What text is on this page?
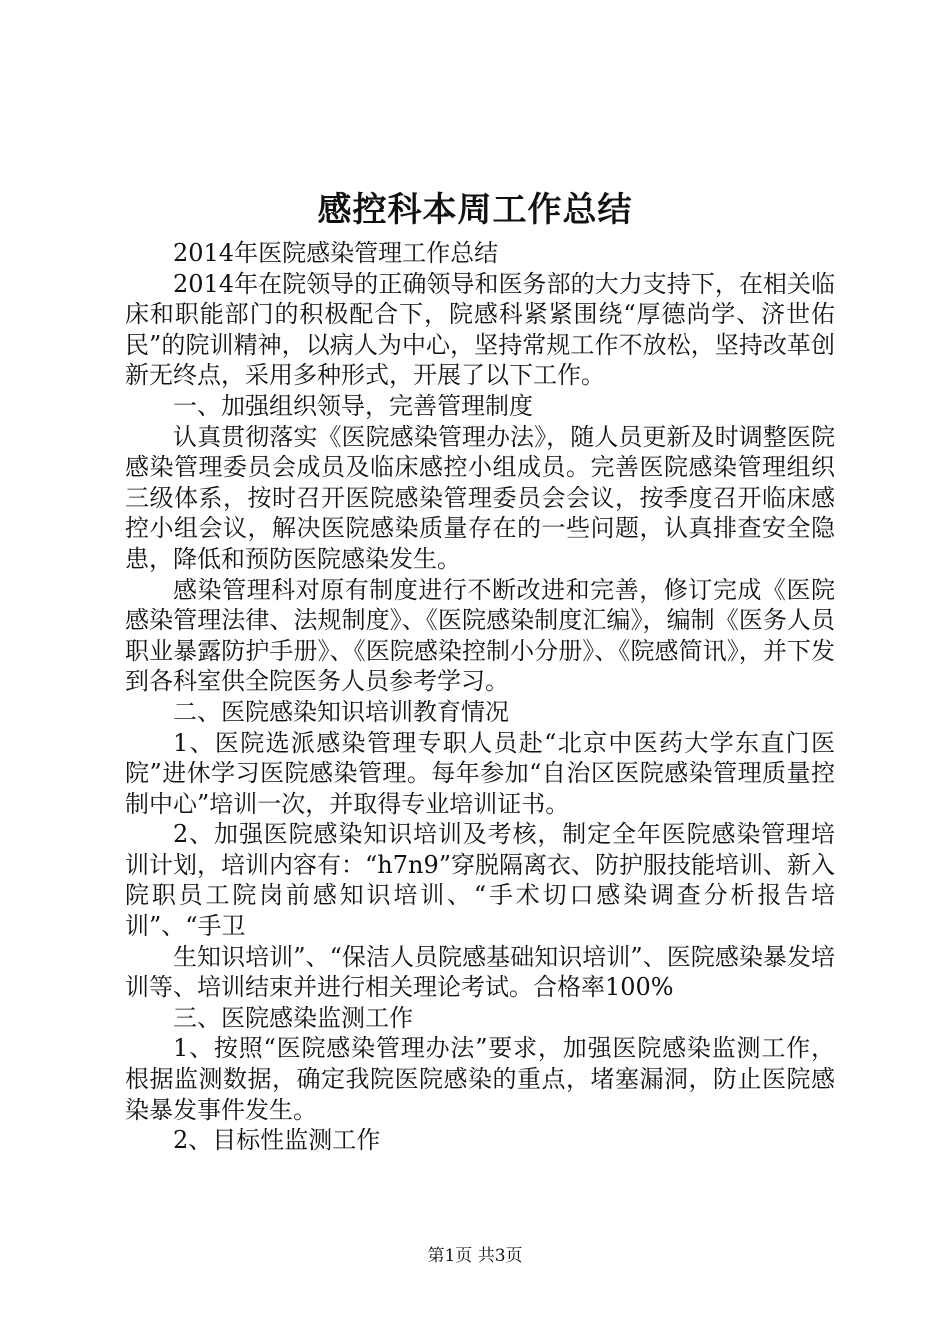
感控科本周工作总结

2014年医院感染管理工作总结

2014年在院领导的正确领导和医务部的大力支持下，在相关临床和职能部门的积极配合下，院感科紧紧围绕“厚德尚学、济世佑民”的院训精神，以病人为中心，坚持常规工作不放松，坚持改革创新无终点，采用多种形式，开展了以下工作。

一、加强组织领导，完善管理制度

认真贯彻落实《医院感染管理办法》，随人员更新及时调整医院感染管理委员会成员及临床感控小组成员。完善医院感染管理组织三级体系，按时召开医院感染管理委员会会议，按季度召开临床感控小组会议，解决医院感染质量存在的一些问题，认真排查安全隐患，降低和预防医院感染发生。

感染管理科对原有制度进行不断改进和完善，修订完成《医院感染管理法律、法规制度》、《医院感染制度汇编》，编制《医务人员职业暴露防护手册》、《医院感染控制小分册》、《院感简讯》，并下发到各科室供全院医务人员参考学习。

二、医院感染知识培训教育情况

1、医院选派感染管理专职人员赴“北京中医药大学东直门医院”进休学习医院感染管理。每年参加“自治区医院感染管理质量控制中心”培训一次，并取得专业培训证书。

2、加强医院感染知识培训及考核，制定全年医院感染管理培训计划，培训内容有：“h7n9”穿脱隔离衣、防护服技能培训、新入院职员工院岗前感知识培训、“手术切口感染调查分析报告培训”、“手卫

生知识培训”、“保洁人员院感基础知识培训”、医院感染暴发培训等、培训结束并进行相关理论考试。合格率100%

三、医院感染监测工作

1、按照“医院感染管理办法”要求，加强医院感染监测工作，根据监测数据，确定我院医院感染的重点，堵塞漏洞，防止医院感染暴发事件发生。

2、目标性监测工作

第1页 共3页
